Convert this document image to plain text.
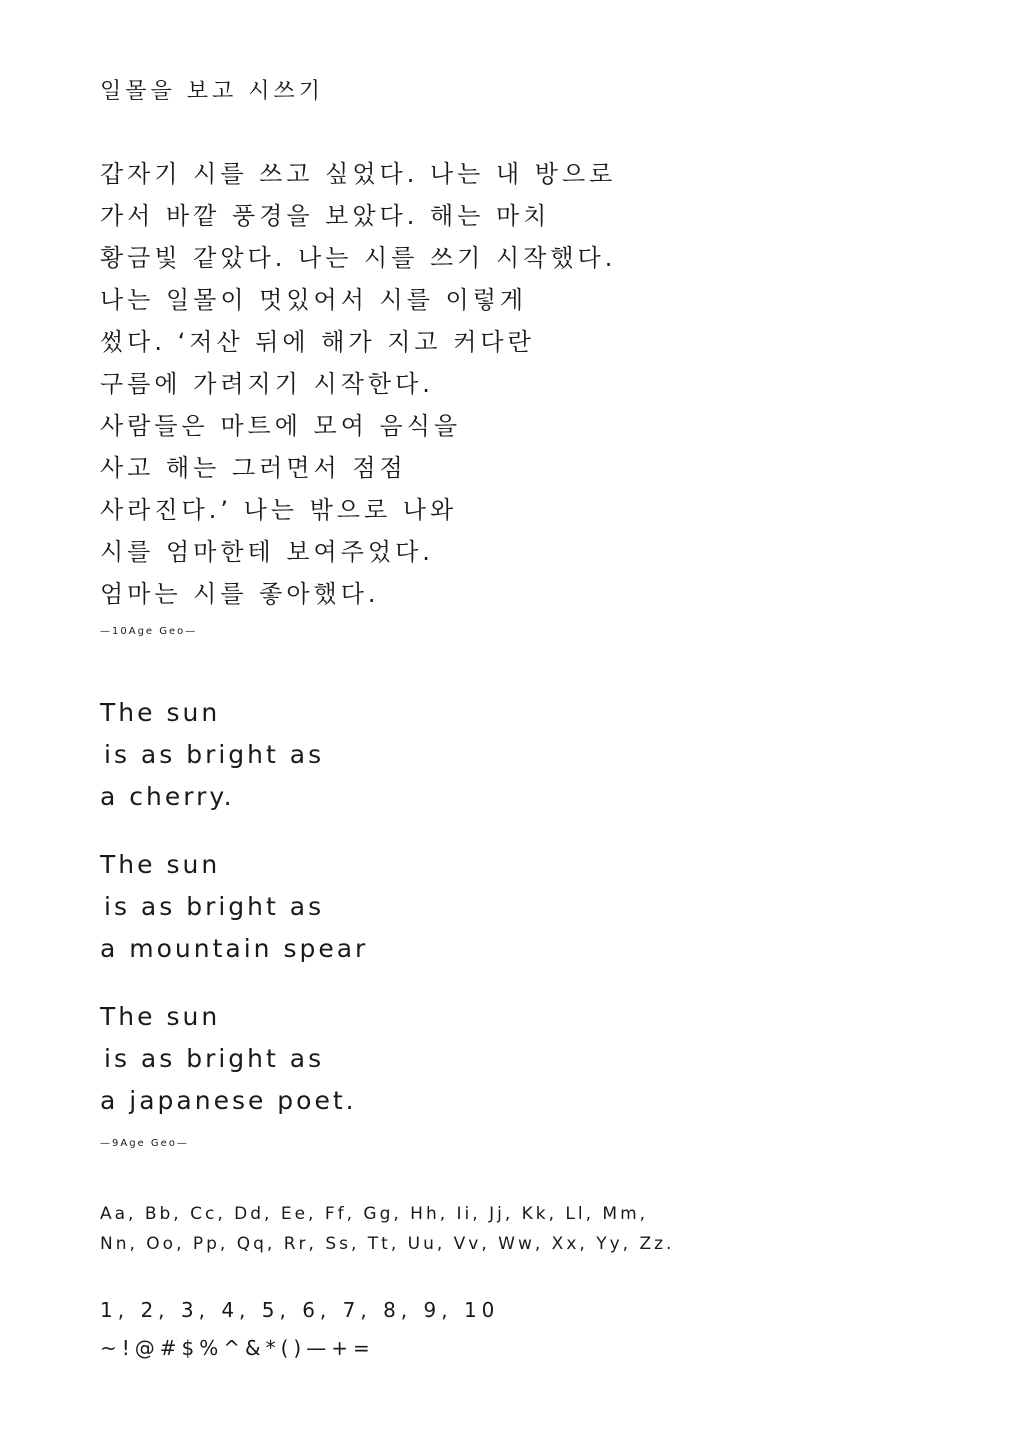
일몰을 보고 시쓰기
갑자기 시를 쓰고 싶었다. 나는 내 방으로
가서 바깥 풍경을 보았다. 해는 마치
황금빛 같았다. 나는 시를 쓰기 시작했다.
나는 일몰이 멋있어서 시를 이렇게
썼다. ‘저산 뒤에 해가 지고 커다란
구름에 가려지기 시작한다.
사람들은 마트에 모여 음식을
사고 해는 그러면서 점점
사라진다.’ 나는 밖으로 나와
시를 엄마한테 보여주었다.
엄마는 시를 좋아했다.
—10Age Geo—
The sun
is as bright as
a cherry.
The sun
is as bright as
a mountain spear
The sun
is as bright as
a japanese poet.
—9Age Geo—
Aa, Bb, Cc, Dd, Ee, Ff, Gg, Hh, Ii, Jj, Kk, Ll, Mm,
Nn, Oo, Pp, Qq, Rr, Ss, Tt, Uu, Vv, Ww, Xx, Yy, Zz.
1, 2, 3, 4, 5, 6, 7, 8, 9, 10
~!@#$%^&*()—+=
